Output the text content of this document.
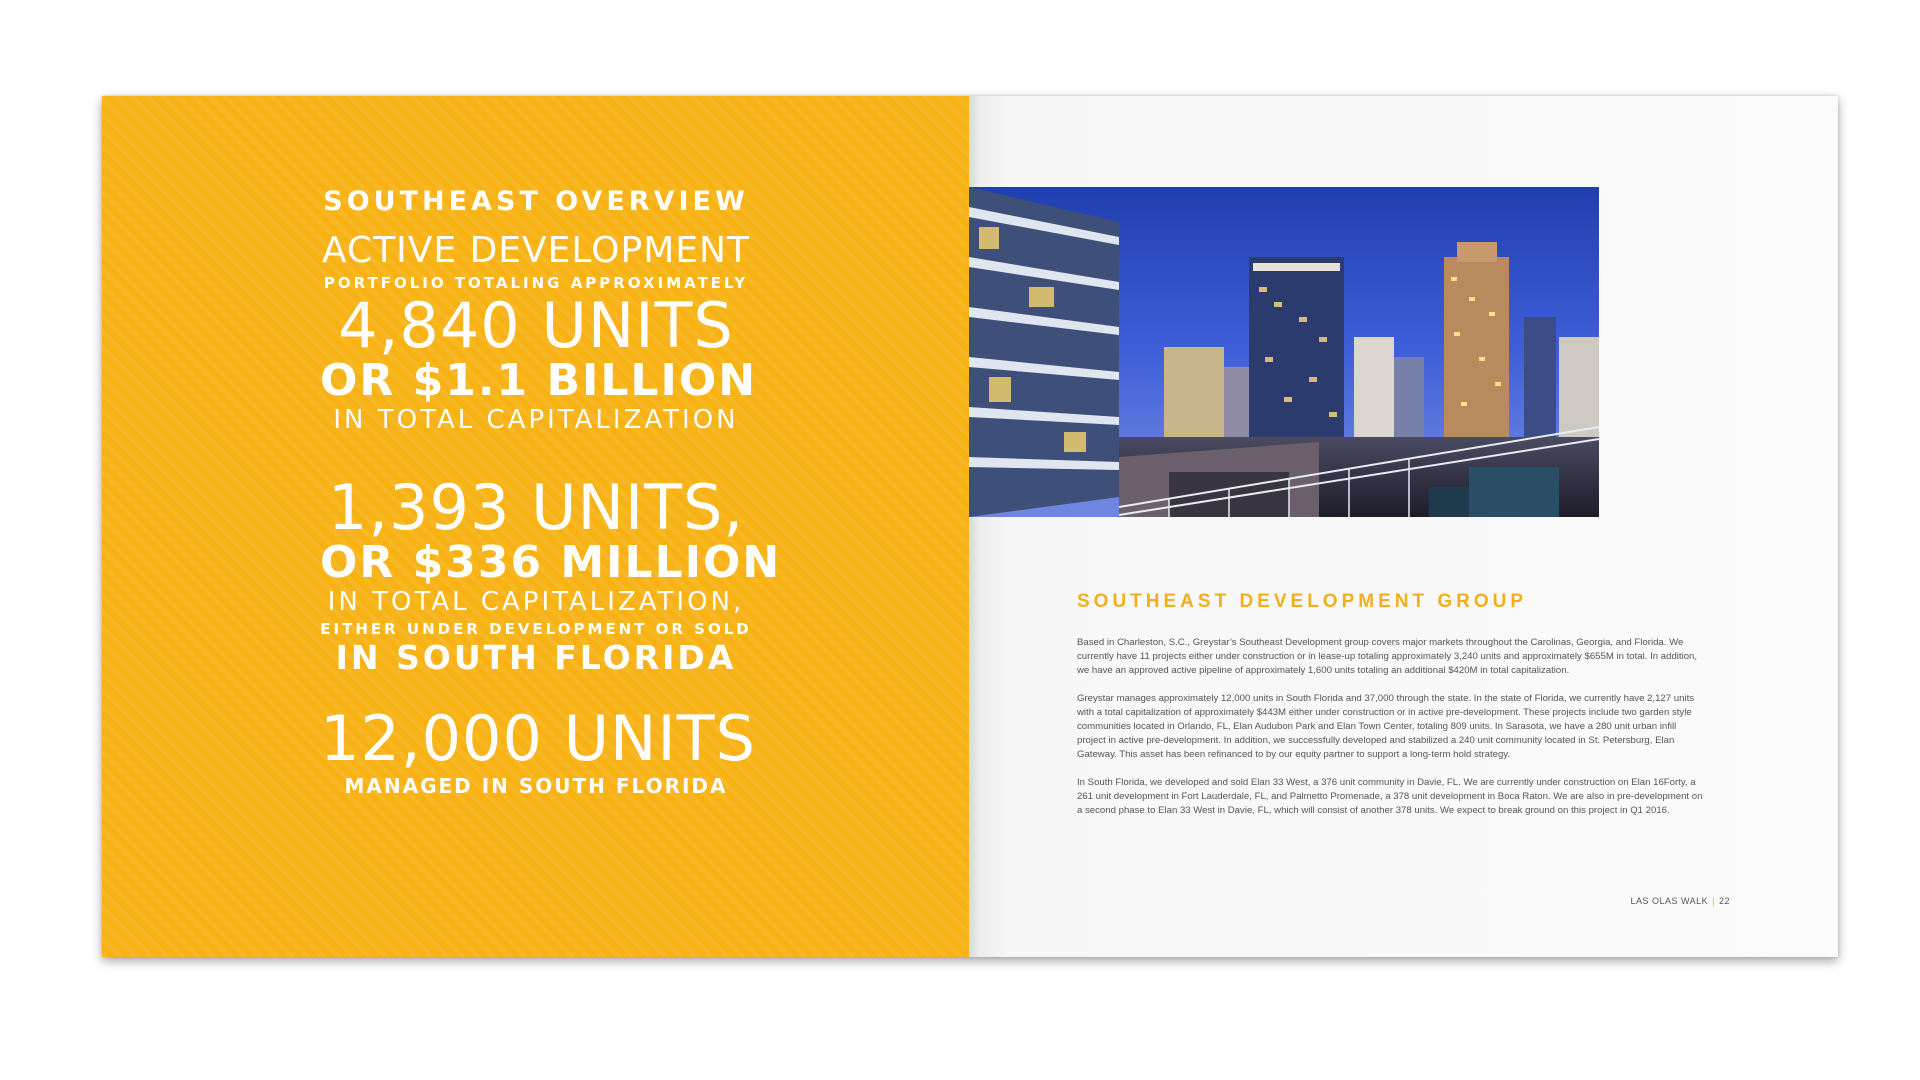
SOUTHEAST OVERVIEW
ACTIVE DEVELOPMENT
PORTFOLIO TOTALING APPROXIMATELY
4,840 UNITS
OR $1.1 BILLION
IN TOTAL CAPITALIZATION
1,393 UNITS,
OR $336 MILLION
IN TOTAL CAPITALIZATION,
EITHER UNDER DEVELOPMENT OR SOLD
IN SOUTH FLORIDA
12,000 UNITS
MANAGED IN SOUTH FLORIDA
SOUTHEAST DEVELOPMENT GROUP

Based in Charleston, S.C., Greystar’s Southeast Development group covers major markets throughout the Carolinas, Georgia, and Florida. We currently have 11 projects either under construction or in lease-up totaling approximately 3,240 units and approximately $655M in total. In addition, we have an approved active pipeline of approximately 1,600 units totaling an additional $420M in total capitalization.

Greystar manages approximately 12,000 units in South Florida and 37,000 through the state. In the state of Florida, we currently have 2,127 units with a total capitalization of approximately $443M either under construction or in active pre-development. These projects include two garden style communities located in Orlando, FL, Elan Audubon Park and Elan Town Center, totaling 809 units. In Sarasota, we have a 280 unit urban infill project in active pre-development. In addition, we successfully developed and stabilized a 240 unit community located in St. Petersburg, Elan Gateway. This asset has been refinanced to by our equity partner to support a long-term hold strategy.

In South Florida, we developed and sold Elan 33 West, a 376 unit community in Davie, FL. We are currently under construction on Elan 16Forty, a 261 unit development in Fort Lauderdale, FL, and Palmetto Promenade, a 378 unit development in Boca Raton. We are also in pre-development on a second phase to Elan 33 West in Davie, FL, which will consist of another 378 units. We expect to break ground on this project in Q1 2016.

LAS OLAS WALK | 22
